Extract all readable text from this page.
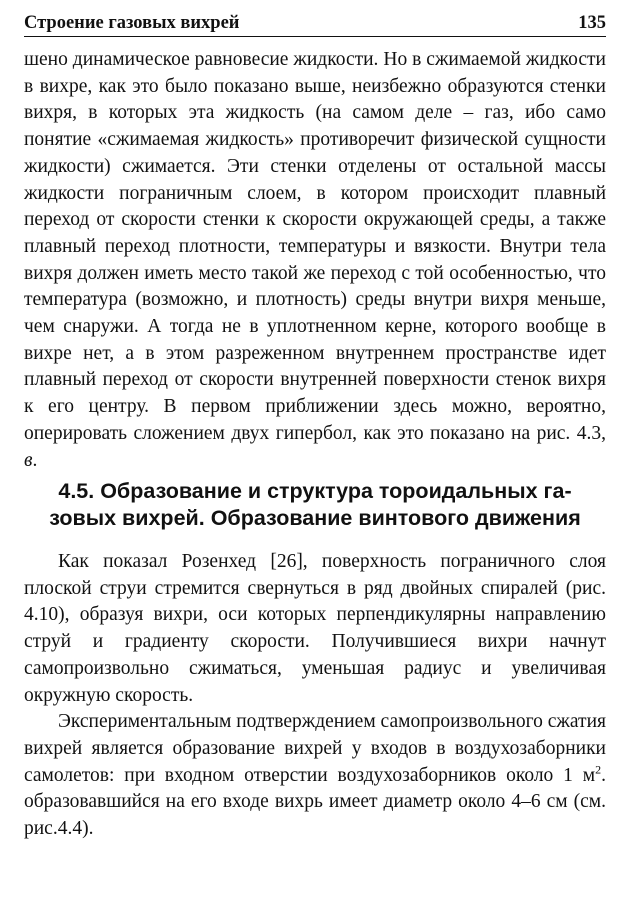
Строение газовых вихрей	135

шено динамическое равновесие жидкости. Но в сжимаемой жидкости в вихре, как это было показано выше, неизбежно образуются стенки вихря, в которых эта жидкость (на самом деле – газ, ибо само понятие «сжимаемая жидкость» противоречит физической сущности жидкости) сжимается. Эти стенки отделены от остальной массы жидкости пограничным слоем, в котором происходит плавный переход от скорости стенки к скорости окружающей среды, а также плавный переход плотности, температуры и вязкости. Внутри тела вихря должен иметь место такой же переход с той особенностью, что температура (возможно, и плотность) среды внутри вихря меньше, чем снаружи. А тогда не в уплотненном керне, которого вообще в вихре нет, а в этом разреженном внутреннем пространстве идет плавный переход от скорости внутренней поверхности стенок вихря к его центру. В первом приближении здесь можно, вероятно, оперировать сложением двух гипербол, как это показано на рис. 4.3, в.

4.5. Образование и структура тороидальных га-
зовых вихрей. Образование винтового движения

Как показал Розенхед [26], поверхность пограничного слоя плоской струи стремится свернуться в ряд двойных спиралей (рис. 4.10), образуя вихри, оси которых перпендикулярны направлению струй и градиенту скорости. Получившиеся вихри начнут самопроизвольно сжиматься, уменьшая радиус и увеличивая окружную скорость.

Экспериментальным подтверждением самопроизвольного сжатия вихрей является образование вихрей у входов в воздухозаборники самолетов: при входном отверстии воздухозаборников около 1 $м^2$. образовавшийся на его входе вихрь имеет диаметр около 4–6 см (см. рис.4.4).
